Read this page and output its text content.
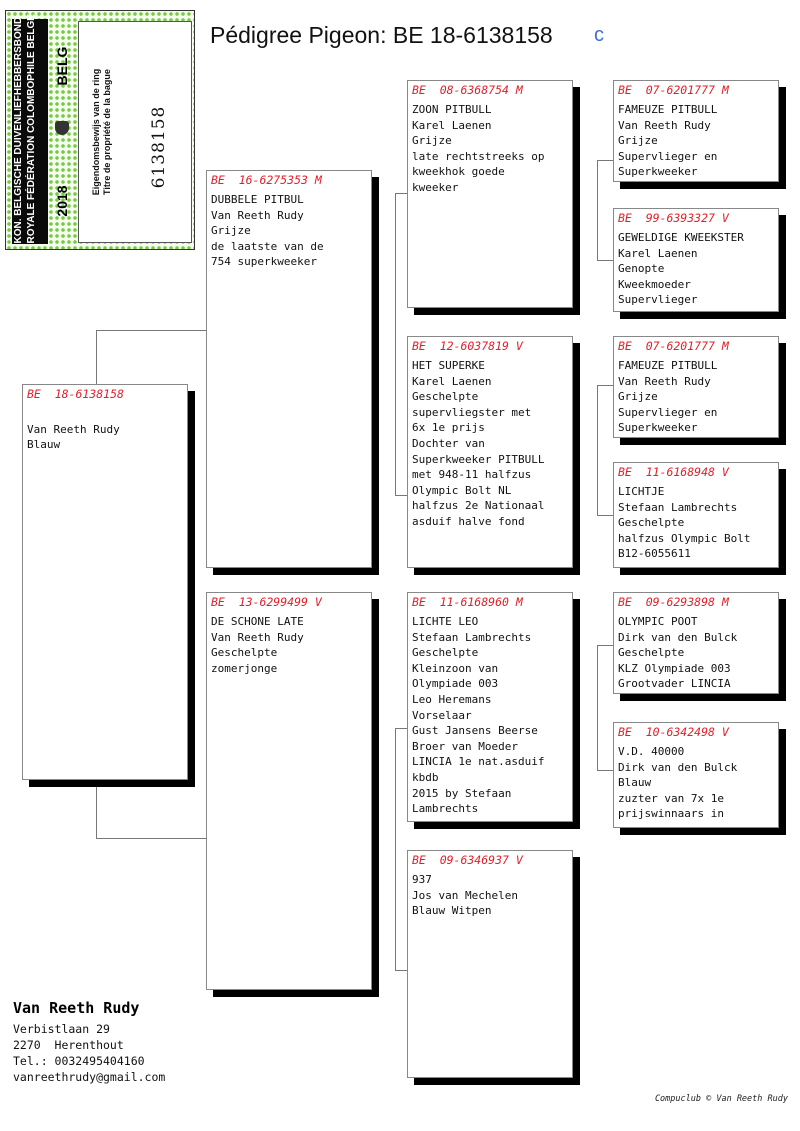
KON. BELGISCHE DUIVENLIEFHEBBERSBOND ROYALE FÉDÉRATION COLOMBOPHILE BELGE 2018
BELG
Eigendomsbewijs van de ring Titre de propriété de la bague 6138158
Pédigree Pigeon: BE 18-6138158 c
BE  18-6138158

Van Reeth Rudy
Blauw
BE  16-6275353 M
DUBBELE PITBUL
Van Reeth Rudy
Grijze
de laatste van de
754 superkweeker
BE  13-6299499 V
DE SCHONE LATE
Van Reeth Rudy
Geschelpte
zomerjonge
BE  08-6368754 M
ZOON PITBULL
Karel Laenen
Grijze
late rechtstreeks op
kweekhok goede
kweeker
BE  12-6037819 V
HET SUPERKE
Karel Laenen
Geschelpte
supervliegster met
6x 1e prijs
Dochter van
Superkweeker PITBULL
met 948-11 halfzus
Olympic Bolt NL
halfzus 2e Nationaal
asduif halve fond
BE  11-6168960 M
LICHTE LEO
Stefaan Lambrechts
Geschelpte
Kleinzoon van
Olympiade 003
Leo Heremans
Vorselaar
Gust Jansens Beerse
Broer van Moeder
LINCIA 1e nat.asduif
kbdb
2015 by Stefaan
Lambrechts
BE  09-6346937 V
937
Jos van Mechelen
Blauw Witpen
BE  07-6201777 M
FAMEUZE PITBULL
Van Reeth Rudy
Grijze
Supervlieger en
Superkweeker
BE  99-6393327 V
GEWELDIGE KWEEKSTER
Karel Laenen
Genopte
Kweekmoeder
Supervlieger
BE  07-6201777 M
FAMEUZE PITBULL
Van Reeth Rudy
Grijze
Supervlieger en
Superkweeker
BE  11-6168948 V
LICHTJE
Stefaan Lambrechts
Geschelpte
halfzus Olympic Bolt
B12-6055611
BE  09-6293898 M
OLYMPIC POOT
Dirk van den Bulck
Geschelpte
KLZ Olympiade 003
Grootvader LINCIA
BE  10-6342498 V
V.D. 40000
Dirk van den Bulck
Blauw
zuzter van 7x 1e
prijswinnaars in
Van Reeth Rudy
Verbistlaan 29
2270  Herenthout
Tel.: 0032495404160
vanreethrudy@gmail.com
Compuclub © Van Reeth Rudy
